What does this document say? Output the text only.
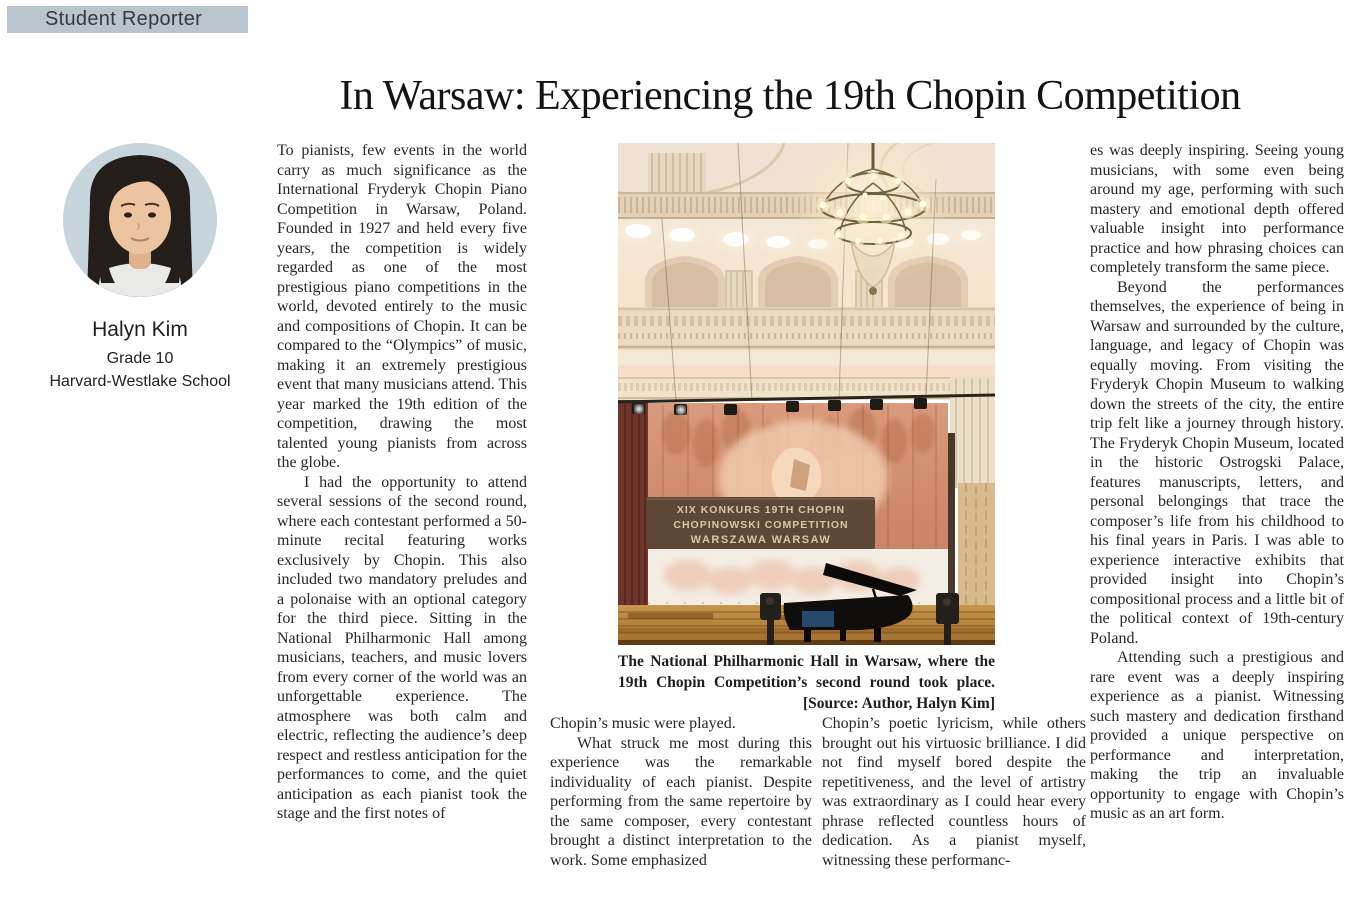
Student Reporter
In Warsaw: Experiencing the 19th Chopin Competition
Halyn Kim
Grade 10
Harvard-Westlake School

To pianists, few events in the world carry as much significance as the International Fryderyk Chopin Piano Competition in Warsaw, Poland. Founded in 1927 and held every five years, the competition is widely regarded as one of the most prestigious piano competitions in the world, devoted entirely to the music and compositions of Chopin. It can be compared to the “Olympics” of music, making it an extremely prestigious event that many musicians attend. This year marked the 19th edition of the competition, drawing the most talented young pianists from across the globe.

I had the opportunity to attend several sessions of the second round, where each contestant performed a 50-minute recital featuring works exclusively by Chopin. This also included two mandatory preludes and a polonaise with an optional category for the third piece. Sitting in the National Philharmonic Hall among musicians, teachers, and music lovers from every corner of the world was an unforgettable experience. The atmosphere was both calm and electric, reflecting the audience’s deep respect and restless anticipation for the performances to come, and the quiet anticipation as each pianist took the stage and the first notes of

XIX KONKURS 19TH CHOPIN
CHOPINOWSKI COMPETITION
WARSZAWA WARSAW
The National Philharmonic Hall in Warsaw, where the
19th Chopin Competition’s second round took place.
[Source: Author, Halyn Kim]

Chopin’s music were played.

What struck me most during this experience was the remarkable individuality of each pianist. Despite performing from the same repertoire by the same composer, every contestant brought a distinct interpretation to the work. Some emphasized

Chopin’s poetic lyricism, while others brought out his virtuosic brilliance. I did not find myself bored despite the repetitiveness, and the level of artistry was extraordinary as I could hear every phrase reflected countless hours of dedication. As a pianist myself, witnessing these performanc-

es was deeply inspiring. Seeing young musicians, with some even being around my age, performing with such mastery and emotional depth offered valuable insight into performance practice and how phrasing choices can completely transform the same piece.

Beyond the performances themselves, the experience of being in Warsaw and surrounded by the culture, language, and legacy of Chopin was equally moving. From visiting the Fryderyk Chopin Museum to walking down the streets of the city, the entire trip felt like a journey through history. The Fryderyk Chopin Museum, located in the historic Ostrogski Palace, features manuscripts, letters, and personal belongings that trace the composer’s life from his childhood to his final years in Paris. I was able to experience interactive exhibits that provided insight into Chopin’s compositional process and a little bit of the political context of 19th-century Poland.

Attending such a prestigious and rare event was a deeply inspiring experience as a pianist. Witnessing such mastery and dedication firsthand provided a unique perspective on performance and interpretation, making the trip an invaluable opportunity to engage with Chopin’s music as an art form.
